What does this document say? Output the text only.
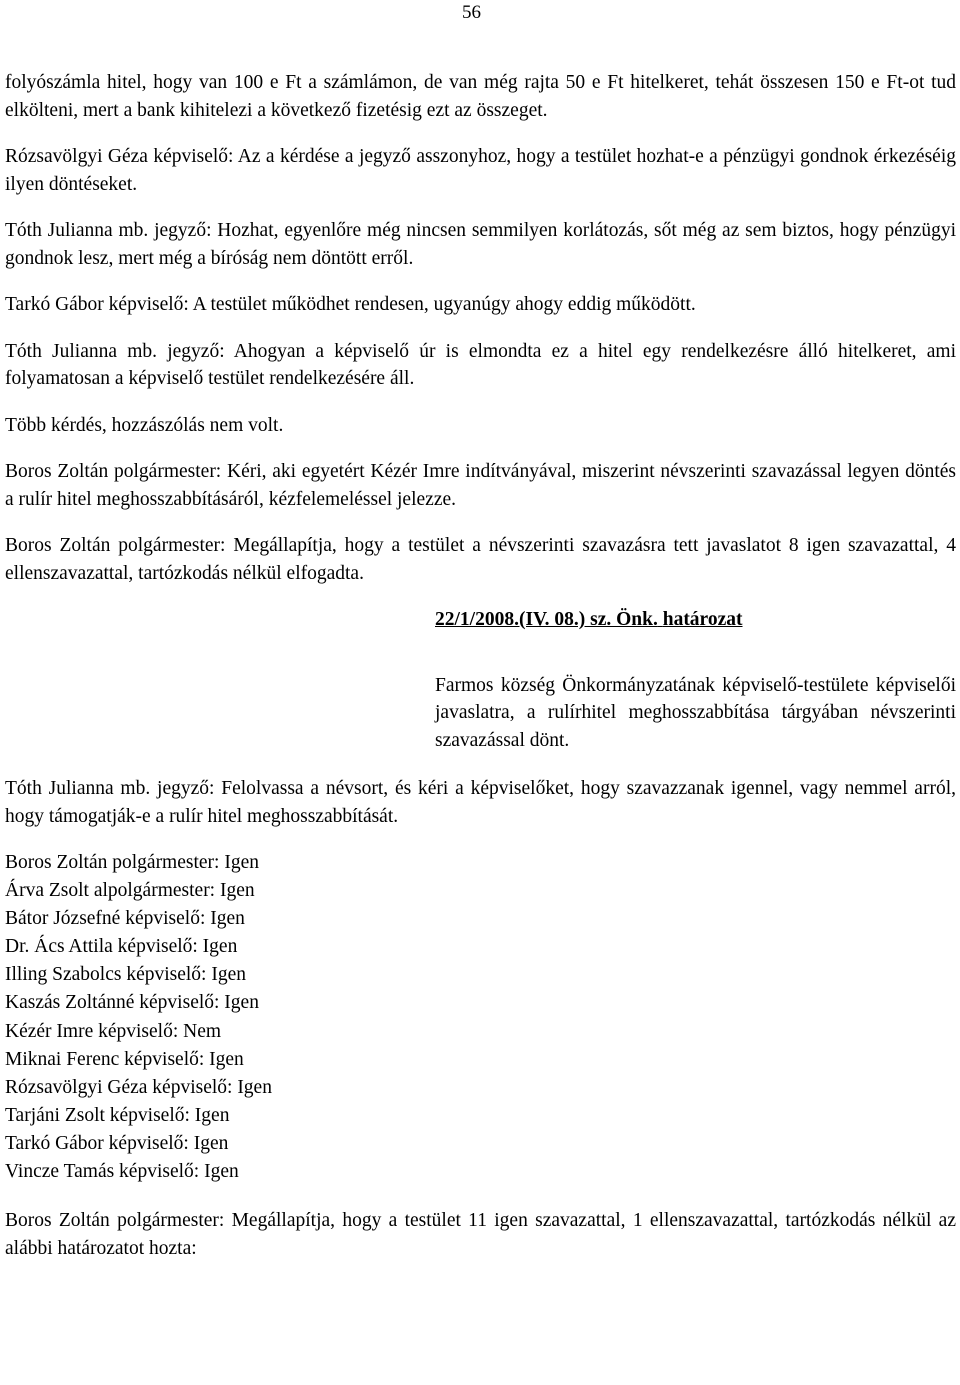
56

folyószámla hitel, hogy van 100 e Ft a számlámon, de van még rajta 50 e Ft hitelkeret, tehát összesen 150 e Ft-ot tud elkölteni, mert a bank kihitelezi a következő fizetésig ezt az összeget.

Rózsavölgyi Géza képviselő: Az a kérdése a jegyző asszonyhoz, hogy a testület hozhat-e a pénzügyi gondnok érkezéséig ilyen döntéseket.

Tóth Julianna mb. jegyző: Hozhat, egyenlőre még nincsen semmilyen korlátozás, sőt még az sem biztos, hogy pénzügyi gondnok lesz, mert még a bíróság nem döntött erről.

Tarkó Gábor képviselő: A testület működhet rendesen, ugyanúgy ahogy eddig működött.

Tóth Julianna mb. jegyző: Ahogyan a képviselő úr is elmondta ez a hitel egy rendelkezésre álló hitelkeret, ami folyamatosan a képviselő testület rendelkezésére áll.

Több kérdés, hozzászólás nem volt.

Boros Zoltán polgármester: Kéri, aki egyetért Kézér Imre indítványával, miszerint névszerinti szavazással legyen döntés a rulír hitel meghosszabbításáról, kézfelemeléssel jelezze.

Boros Zoltán polgármester: Megállapítja, hogy a testület a névszerinti szavazásra tett javaslatot 8 igen szavazattal, 4 ellenszavazattal, tartózkodás nélkül elfogadta.

22/1/2008.(IV. 08.) sz. Önk. határozat

Farmos község Önkormányzatának képviselő-testülete képviselői javaslatra, a rulírhitel meghosszabbítása tárgyában névszerinti szavazással dönt.

Tóth Julianna mb. jegyző: Felolvassa a névsort, és kéri a képviselőket, hogy szavazzanak igennel, vagy nemmel arról, hogy támogatják-e a rulír hitel meghosszabbítását.

Boros Zoltán polgármester: Igen
Árva Zsolt alpolgármester: Igen
Bátor Józsefné képviselő: Igen
Dr. Ács Attila képviselő: Igen
Illing Szabolcs képviselő: Igen
Kaszás Zoltánné képviselő: Igen
Kézér Imre képviselő: Nem
Miknai Ferenc képviselő: Igen
Rózsavölgyi Géza képviselő: Igen
Tarjáni Zsolt képviselő: Igen
Tarkó Gábor képviselő: Igen
Vincze Tamás képviselő: Igen

Boros Zoltán polgármester: Megállapítja, hogy a testület 11 igen szavazattal, 1 ellenszavazattal, tartózkodás nélkül az alábbi határozatot hozta:
